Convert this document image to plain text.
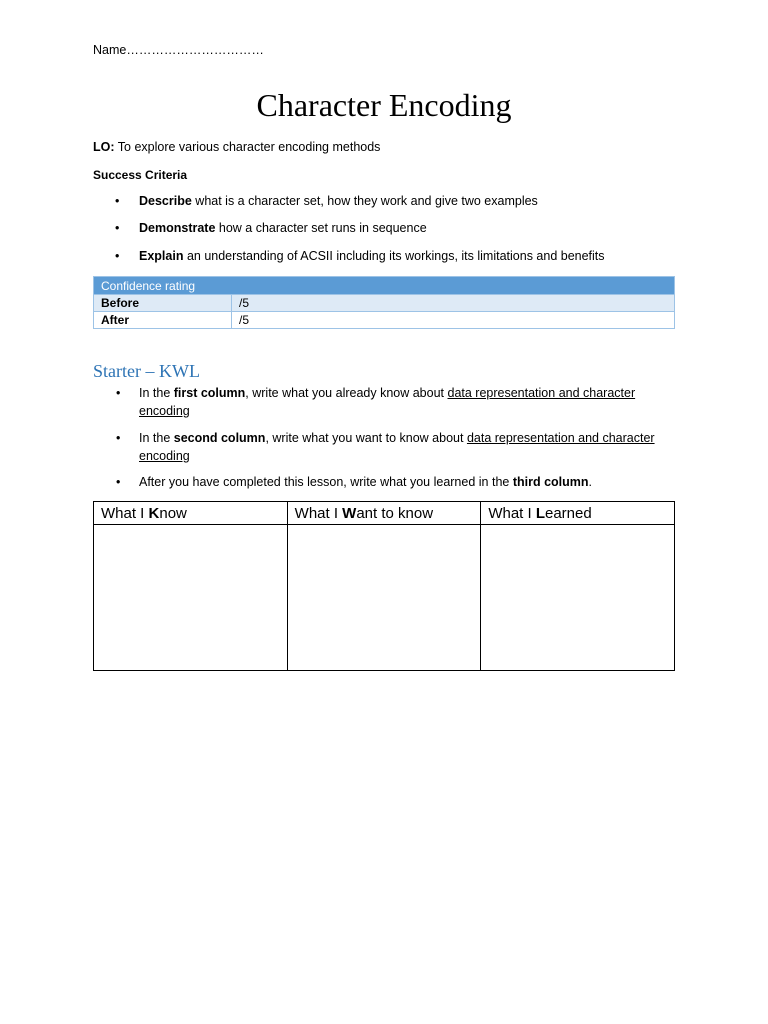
Name……………………………
Character Encoding
LO: To explore various character encoding methods
Success Criteria
• Describe what is a character set, how they work and give two examples
• Demonstrate how a character set runs in sequence
• Explain an understanding of ACSII including its workings, its limitations and benefits
Confidence rating	
Before	/5
After	/5
Starter – KWL
• In the first column, write what you already know about data representation and character encoding
• In the second column, write what you want to know about data representation and character encoding
• After you have completed this lesson, write what you learned in the third column.
What I Know	What I Want to know	What I Learned
